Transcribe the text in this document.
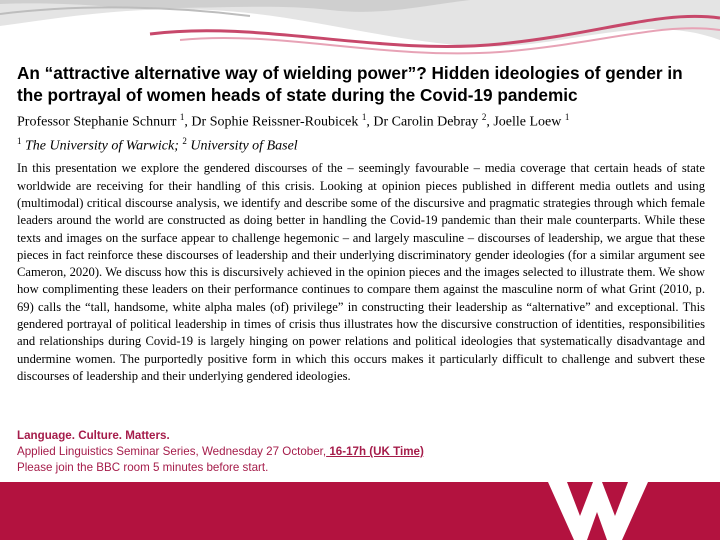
An “attractive alternative way of wielding power”? Hidden ideologies of gender in the portrayal of women heads of state during the Covid-19 pandemic
Professor Stephanie Schnurr $^1$, Dr Sophie Reissner-Roubicek $^1$, Dr Carolin Debray $^2$, Joelle Loew $^1$
$^1$ The University of Warwick; $^2$ University of Basel

In this presentation we explore the gendered discourses of the – seemingly favourable – media coverage that certain heads of state worldwide are receiving for their handling of this crisis. Looking at opinion pieces published in different media outlets and using (multimodal) critical discourse analysis, we identify and describe some of the discursive and pragmatic strategies through which female leaders around the world are constructed as doing better in handling the Covid-19 pandemic than their male counterparts. While these texts and images on the surface appear to challenge hegemonic – and largely masculine – discourses of leadership, we argue that these pieces in fact reinforce these discourses of leadership and their underlying discriminatory gender ideologies (for a similar argument see Cameron, 2020). We discuss how this is discursively achieved in the opinion pieces and the images selected to illustrate them. We show how complimenting these leaders on their performance continues to compare them against the masculine norm of what Grint (2010, p. 69) calls the “tall, handsome, white alpha males (of) privilege” in constructing their leadership as “alternative” and exceptional. This gendered portrayal of political leadership in times of crisis thus illustrates how the discursive construction of identities, responsibilities and relationships during Covid-19 is largely hinging on power relations and political ideologies that systematically disadvantage and undermine women. The purportedly positive form in which this occurs makes it particularly difficult to challenge and subvert these discourses of leadership and their underlying gendered ideologies.

Language. Culture. Matters.
Applied Linguistics Seminar Series, Wednesday 27 October, 16-17h (UK Time)
Please join the BBC room 5 minutes before start.
